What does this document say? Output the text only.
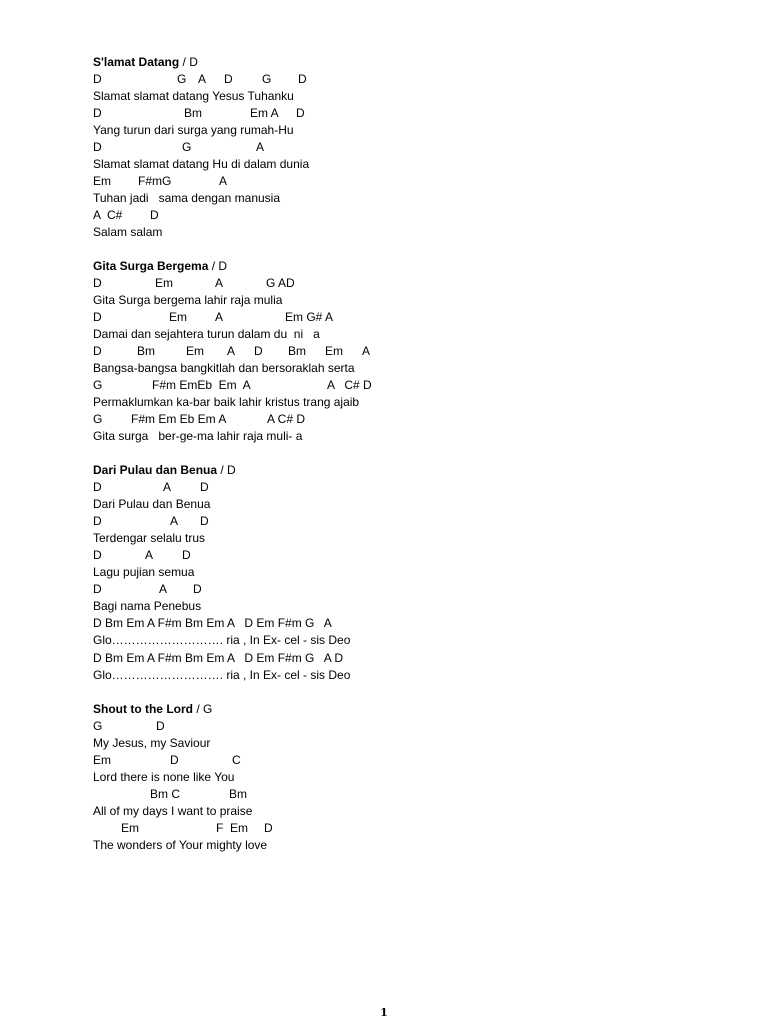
S'lamat Datang / D

D

	G

A

D

G

D

Slamat slamat datang Yesus Tuhanku

D

	Bm

	Em A

D

Yang turun dari surga yang rumah-Hu

D

	G

	A

Slamat slamat datang Hu di dalam dunia

Em

F#mG

	A

Tuhan jadi   sama dengan manusia

A  C#

D

Salam salam
Gita Surga Bergema / D

D

	Em

	A

	G AD

Gita Surga bergema lahir raja mulia

D

	Em

A

	Em G# A

Damai dan sejahtera turun dalam du  ni   a

D

	Bm

	Em

A

D

Bm

Em

A

Bangsa-bangsa bangkitlah dan bersoraklah serta

G

	F#m EmEb  Em  A

	A   C# D

Permaklumkan ka-bar baik lahir kristus trang ajaib

G

F#m Em Eb Em A

	A C# D

Gita surga   ber-ge-ma lahir raja muli- a
Dari Pulau dan Benua / D

D

	A

D

Dari Pulau dan Benua

D

	A

D

Terdengar selalu trus

D

	A

D

Lagu pujian semua

D

	A

D

Bagi nama Penebus
D Bm Em A F#m Bm Em A   D Em F#m G   A
Glo………………………. ria , In Ex- cel - sis Deo
D Bm Em A F#m Bm Em A   D Em F#m G   A D
Glo………………………. ria , In Ex- cel - sis Deo
Shout to the Lord / G

G

	D

My Jesus, my Saviour

Em

	D

	C

Lord there is none like You

Bm C

	Bm

All of my days I want to praise

Em

	F  Em

D

The wonders of Your mighty love
1
